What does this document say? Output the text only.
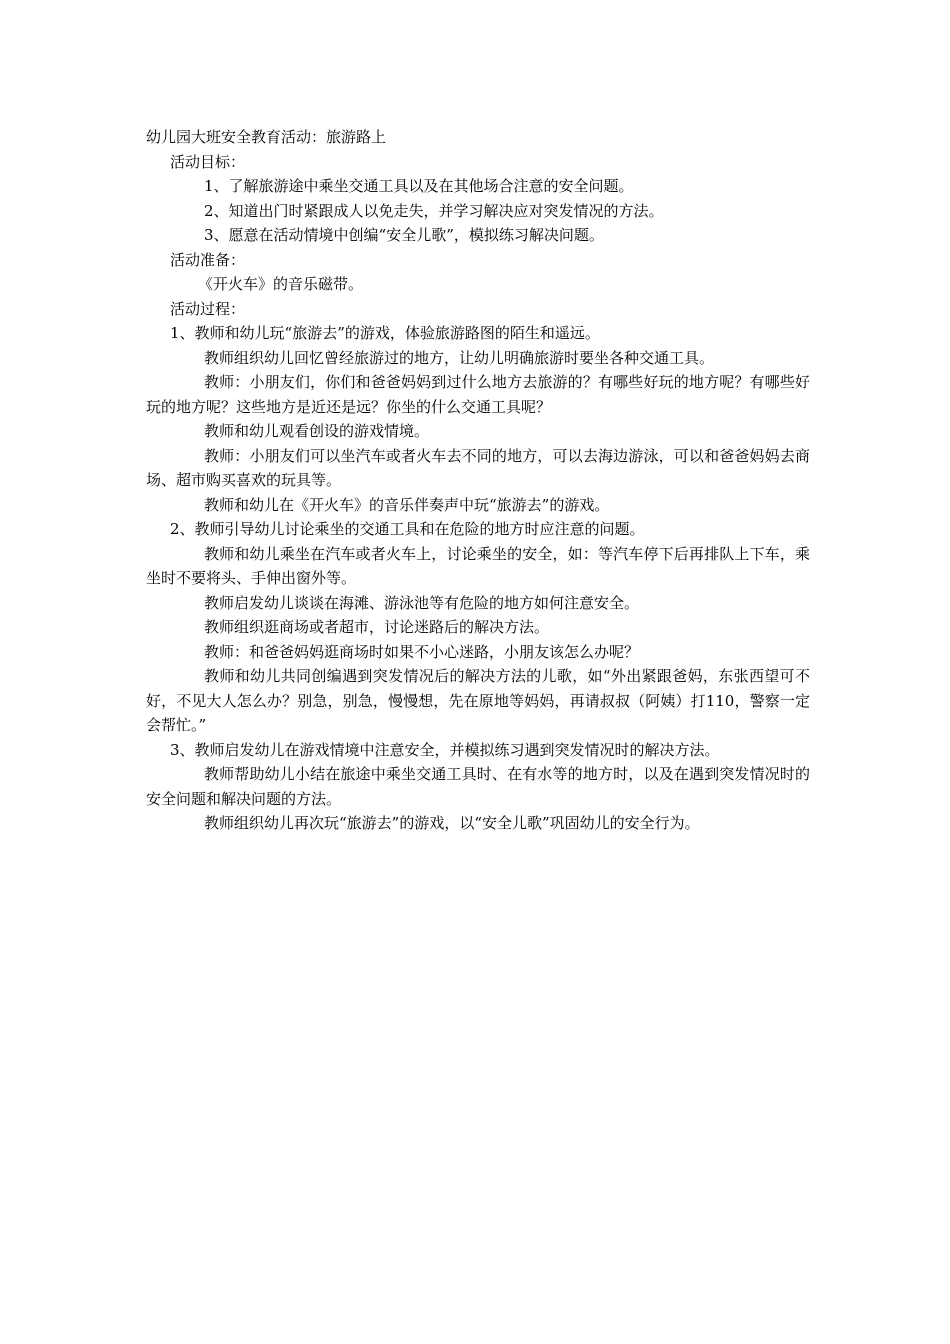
幼儿园大班安全教育活动：旅游路上

活动目标：

1、了解旅游途中乘坐交通工具以及在其他场合注意的安全问题。

2、知道出门时紧跟成人以免走失，并学习解决应对突发情况的方法。

3、愿意在活动情境中创编“安全儿歌”，模拟练习解决问题。

活动准备：

《开火车》的音乐磁带。

活动过程：

1、教师和幼儿玩“旅游去”的游戏，体验旅游路图的陌生和遥远。

教师组织幼儿回忆曾经旅游过的地方，让幼儿明确旅游时要坐各种交通工具。

教师：小朋友们，你们和爸爸妈妈到过什么地方去旅游的？有哪些好玩的地方呢？有哪些好玩的地方呢？这些地方是近还是远？你坐的什么交通工具呢？

教师和幼儿观看创设的游戏情境。

教师：小朋友们可以坐汽车或者火车去不同的地方，可以去海边游泳，可以和爸爸妈妈去商场、超市购买喜欢的玩具等。

教师和幼儿在《开火车》的音乐伴奏声中玩“旅游去”的游戏。

2、教师引导幼儿讨论乘坐的交通工具和在危险的地方时应注意的问题。

教师和幼儿乘坐在汽车或者火车上，讨论乘坐的安全，如：等汽车停下后再排队上下车，乘坐时不要将头、手伸出窗外等。

教师启发幼儿谈谈在海滩、游泳池等有危险的地方如何注意安全。

教师组织逛商场或者超市，讨论迷路后的解决方法。

教师：和爸爸妈妈逛商场时如果不小心迷路，小朋友该怎么办呢？

教师和幼儿共同创编遇到突发情况后的解决方法的儿歌，如“外出紧跟爸妈，东张西望可不好，不见大人怎么办？别急，别急，慢慢想，先在原地等妈妈，再请叔叔（阿姨）打110，警察一定会帮忙。”

3、教师启发幼儿在游戏情境中注意安全，并模拟练习遇到突发情况时的解决方法。

教师帮助幼儿小结在旅途中乘坐交通工具时、在有水等的地方时，以及在遇到突发情况时的安全问题和解决问题的方法。

教师组织幼儿再次玩“旅游去”的游戏，以“安全儿歌”巩固幼儿的安全行为。
